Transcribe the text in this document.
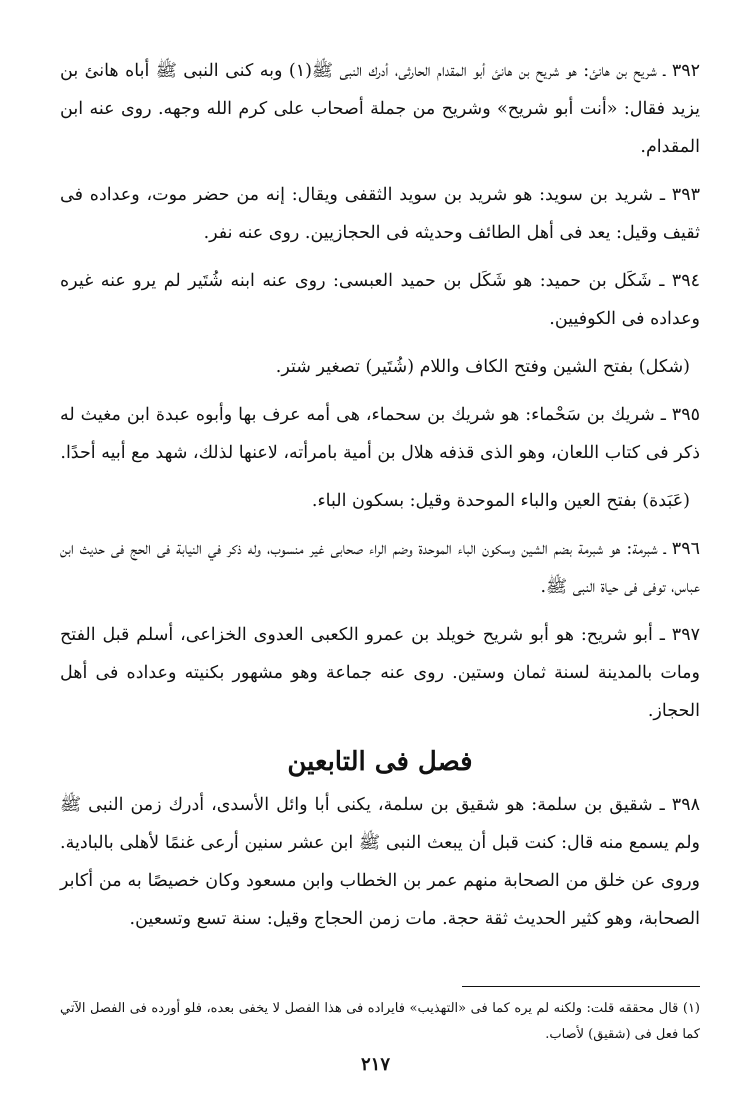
٣٩٢ ـ شريح بن هانئ: هو شريح بن هانئ أبو المقدام الحارثى، أدرك النبى ﷺ(١) وبه كنى النبى ﷺ أباه هانئ بن يزيد فقال: «أنت أبو شريح» وشريح من جملة أصحاب على كرم الله وجهه. روى عنه ابن المقدام.

٣٩٣ ـ شريد بن سويد: هو شريد بن سويد الثقفى ويقال: إنه من حضر موت، وعداده فى ثقيف وقيل: يعد فى أهل الطائف وحديثه فى الحجازيين. روى عنه نفر.

٣٩٤ ـ شَكَل بن حميد: هو شَكَل بن حميد العبسى: روى عنه ابنه شُتَير لم يرو عنه غيره وعداده فى الكوفيين.

(شكل) بفتح الشين وفتح الكاف واللام (شُتَير) تصغير شتر.

٣٩٥ ـ شريك بن سَحْماء: هو شريك بن سحماء، هى أمه عرف بها وأبوه عبدة ابن مغيث له ذكر فى كتاب اللعان، وهو الذى قذفه هلال بن أمية بامرأته، لاعنها لذلك، شهد مع أبيه أحدًا.

(عَبَدة) بفتح العين والباء الموحدة وقيل: بسكون الباء.

٣٩٦ ـ شبرمة: هو شبرمة بضم الشين وسكون الباء الموحدة وضم الراء صحابى غير منسوب، وله ذكر في النيابة فى الحج فى حديث ابن عباس، توفى فى حياة النبى ﷺ.

٣٩٧ ـ أبو شريح: هو أبو شريح خويلد بن عمرو الكعبى العدوى الخزاعى، أسلم قبل الفتح ومات بالمدينة لسنة ثمان وستين. روى عنه جماعة وهو مشهور بكنيته وعداده فى أهل الحجاز.

فصل فى التابعين

٣٩٨ ـ شقيق بن سلمة: هو شقيق بن سلمة، يكنى أبا وائل الأسدى، أدرك زمن النبى ﷺ ولم يسمع منه قال: كنت قبل أن يبعث النبى ﷺ ابن عشر سنين أرعى غنمًا لأهلى بالبادية. وروى عن خلق من الصحابة منهم عمر بن الخطاب وابن مسعود وكان خصيصًا به من أكابر الصحابة، وهو كثير الحديث ثقة حجة. مات زمن الحجاج وقيل: سنة تسع وتسعين.

(١) قال محققه قلت: ولكنه لم يره كما فى «التهذيب» فايراده فى هذا الفصل لا يخفى بعده، فلو أورده فى الفصل الآتي كما فعل فى (شقيق) لأصاب.
٢١٧
